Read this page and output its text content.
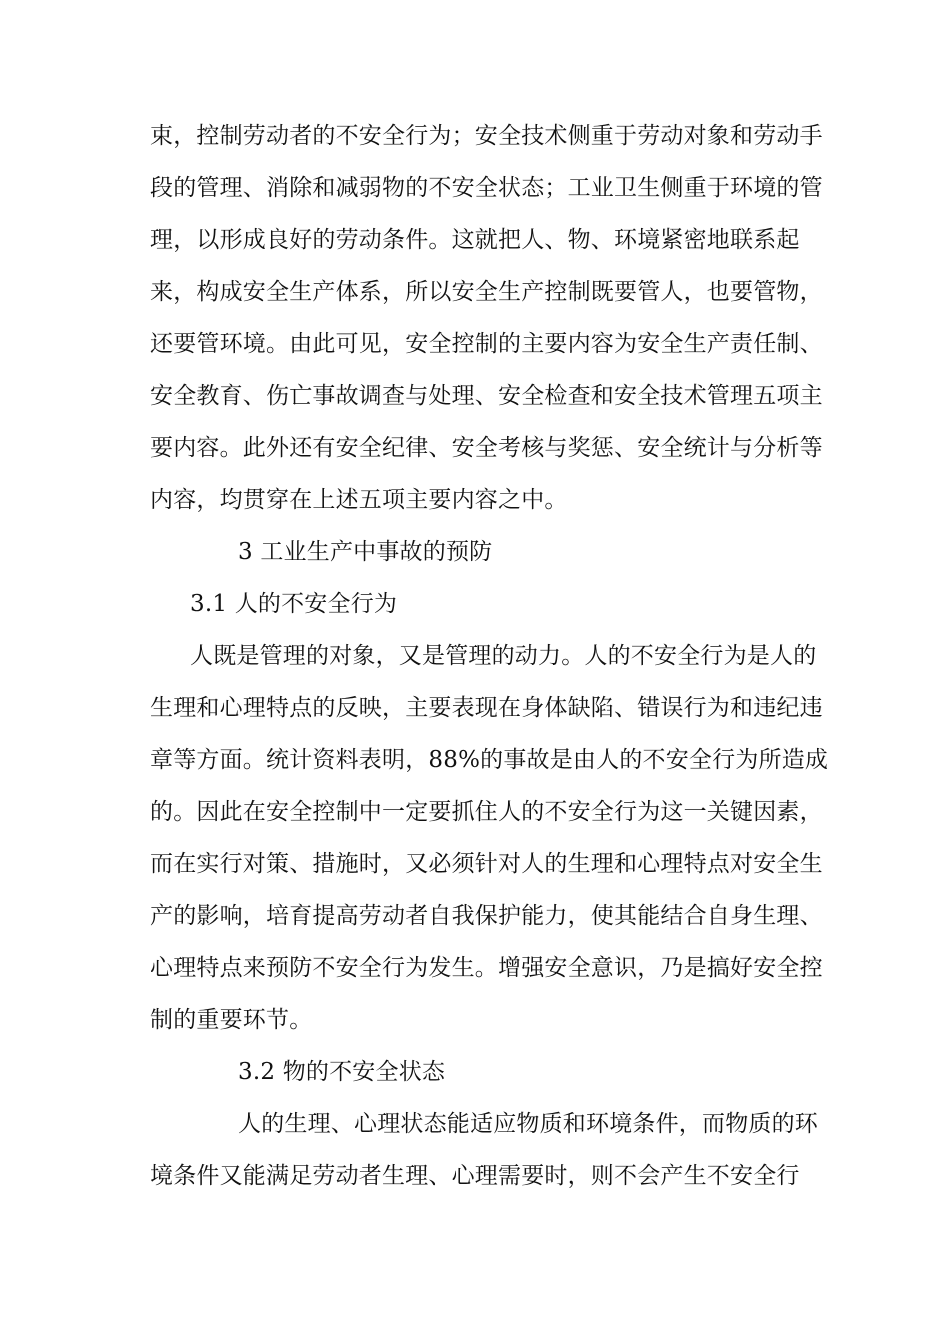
束，控制劳动者的不安全行为；安全技术侧重于劳动对象和劳动手
段的管理、消除和减弱物的不安全状态；工业卫生侧重于环境的管
理，以形成良好的劳动条件。这就把人、物、环境紧密地联系起
来，构成安全生产体系，所以安全生产控制既要管人，也要管物，
还要管环境。由此可见，安全控制的主要内容为安全生产责任制、
安全教育、伤亡事故调查与处理、安全检查和安全技术管理五项主
要内容。此外还有安全纪律、安全考核与奖惩、安全统计与分析等
内容，均贯穿在上述五项主要内容之中。
3 工业生产中事故的预防
3.1 人的不安全行为
人既是管理的对象，又是管理的动力。人的不安全行为是人的
生理和心理特点的反映，主要表现在身体缺陷、错误行为和违纪违
章等方面。统计资料表明，88%的事故是由人的不安全行为所造成
的。因此在安全控制中一定要抓住人的不安全行为这一关键因素，
而在实行对策、措施时，又必须针对人的生理和心理特点对安全生
产的影响，培育提高劳动者自我保护能力，使其能结合自身生理、
心理特点来预防不安全行为发生。增强安全意识，乃是搞好安全控
制的重要环节。
3.2 物的不安全状态
人的生理、心理状态能适应物质和环境条件，而物质的环
境条件又能满足劳动者生理、心理需要时，则不会产生不安全行
